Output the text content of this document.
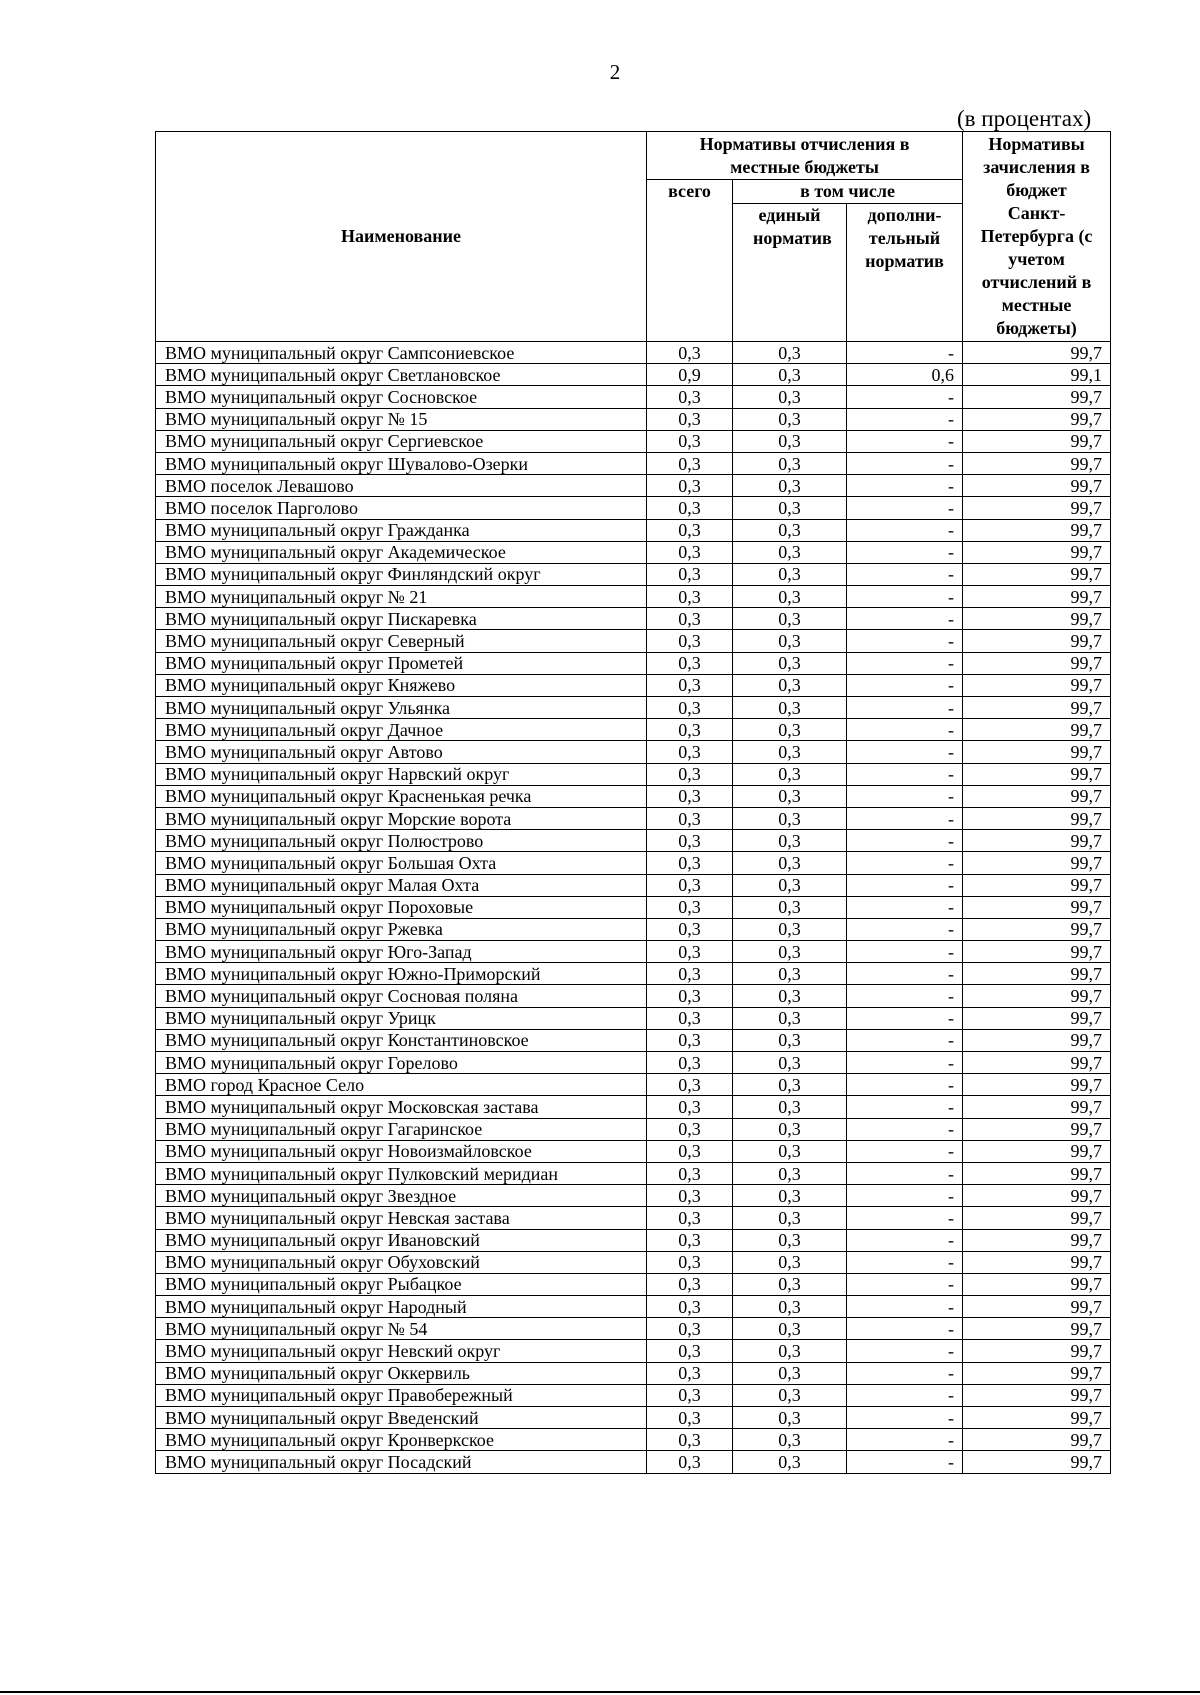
2
(в процентах)
Наименование	Нормативы отчисления в местные бюджеты			Нормативы зачисления в бюджет Санкт-Петербурга (с учетом отчислений в местные бюджеты)
	всего	в том числе		
		единый норматив	дополни-тельный норматив	
ВМО муниципальный округ Сампсониевское	0,3	0,3	-	99,7
ВМО муниципальный округ Светлановское	0,9	0,3	0,6	99,1
ВМО муниципальный округ Сосновское	0,3	0,3	-	99,7
ВМО муниципальный округ № 15	0,3	0,3	-	99,7
ВМО муниципальный округ Сергиевское	0,3	0,3	-	99,7
ВМО муниципальный округ Шувалово-Озерки	0,3	0,3	-	99,7
ВМО поселок Левашово	0,3	0,3	-	99,7
ВМО поселок Парголово	0,3	0,3	-	99,7
ВМО муниципальный округ Гражданка	0,3	0,3	-	99,7
ВМО муниципальный округ Академическое	0,3	0,3	-	99,7
ВМО муниципальный округ Финляндский округ	0,3	0,3	-	99,7
ВМО муниципальный округ № 21	0,3	0,3	-	99,7
ВМО муниципальный округ Пискаревка	0,3	0,3	-	99,7
ВМО муниципальный округ Северный	0,3	0,3	-	99,7
ВМО муниципальный округ Прометей	0,3	0,3	-	99,7
ВМО муниципальный округ Княжево	0,3	0,3	-	99,7
ВМО муниципальный округ Ульянка	0,3	0,3	-	99,7
ВМО муниципальный округ Дачное	0,3	0,3	-	99,7
ВМО муниципальный округ Автово	0,3	0,3	-	99,7
ВМО муниципальный округ Нарвский округ	0,3	0,3	-	99,7
ВМО муниципальный округ Красненькая речка	0,3	0,3	-	99,7
ВМО муниципальный округ Морские ворота	0,3	0,3	-	99,7
ВМО муниципальный округ Полюстрово	0,3	0,3	-	99,7
ВМО муниципальный округ Большая Охта	0,3	0,3	-	99,7
ВМО муниципальный округ Малая Охта	0,3	0,3	-	99,7
ВМО муниципальный округ Пороховые	0,3	0,3	-	99,7
ВМО муниципальный округ Ржевка	0,3	0,3	-	99,7
ВМО муниципальный округ Юго-Запад	0,3	0,3	-	99,7
ВМО муниципальный округ Южно-Приморский	0,3	0,3	-	99,7
ВМО муниципальный округ Сосновая поляна	0,3	0,3	-	99,7
ВМО муниципальный округ Урицк	0,3	0,3	-	99,7
ВМО муниципальный округ Константиновское	0,3	0,3	-	99,7
ВМО муниципальный округ Горелово	0,3	0,3	-	99,7
ВМО город Красное Село	0,3	0,3	-	99,7
ВМО муниципальный округ Московская застава	0,3	0,3	-	99,7
ВМО муниципальный округ Гагаринское	0,3	0,3	-	99,7
ВМО муниципальный округ Новоизмайловское	0,3	0,3	-	99,7
ВМО муниципальный округ Пулковский меридиан	0,3	0,3	-	99,7
ВМО муниципальный округ Звездное	0,3	0,3	-	99,7
ВМО муниципальный округ Невская застава	0,3	0,3	-	99,7
ВМО муниципальный округ Ивановский	0,3	0,3	-	99,7
ВМО муниципальный округ Обуховский	0,3	0,3	-	99,7
ВМО муниципальный округ Рыбацкое	0,3	0,3	-	99,7
ВМО муниципальный округ Народный	0,3	0,3	-	99,7
ВМО муниципальный округ № 54	0,3	0,3	-	99,7
ВМО муниципальный округ Невский округ	0,3	0,3	-	99,7
ВМО муниципальный округ Оккервиль	0,3	0,3	-	99,7
ВМО муниципальный округ Правобережный	0,3	0,3	-	99,7
ВМО муниципальный округ Введенский	0,3	0,3	-	99,7
ВМО муниципальный округ Кронверкское	0,3	0,3	-	99,7
ВМО муниципальный округ Посадский	0,3	0,3	-	99,7
